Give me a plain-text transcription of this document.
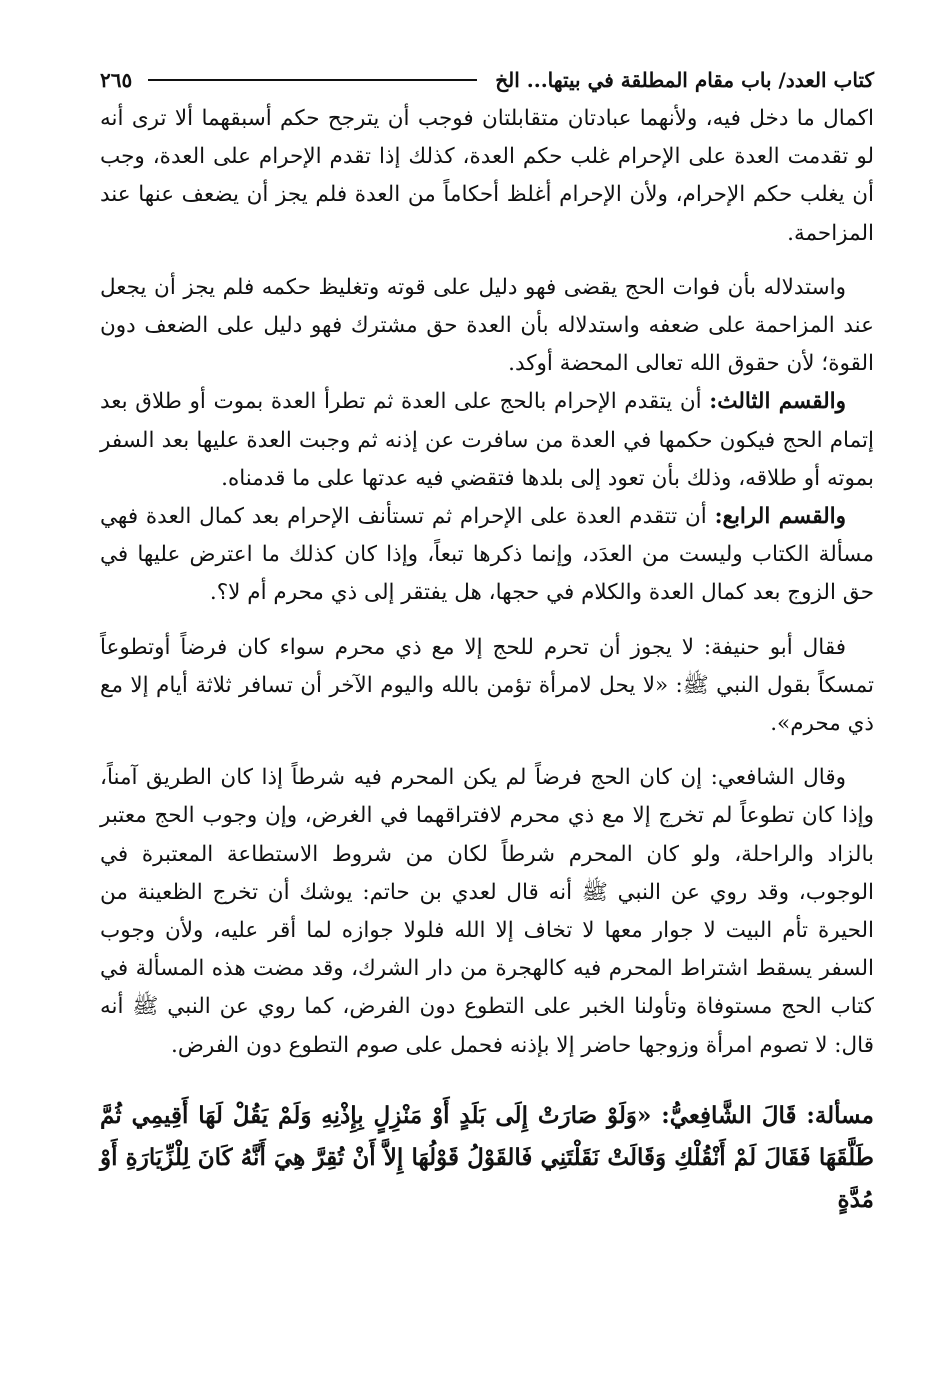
كتاب العدد/ باب مقام المطلقة في بيتها... الخ
٢٦٥

اكمال ما دخل فيه، ولأنهما عبادتان متقابلتان فوجب أن يترجح حكم أسبقهما ألا ترى أنه لو تقدمت العدة على الإحرام غلب حكم العدة، كذلك إذا تقدم الإحرام على العدة، وجب أن يغلب حكم الإحرام، ولأن الإحرام أغلظ أحكاماً من العدة فلم يجز أن يضعف عنها عند المزاحمة.

واستدلاله بأن فوات الحج يقضى فهو دليل على قوته وتغليظ حكمه فلم يجز أن يجعل عند المزاحمة على ضعفه واستدلاله بأن العدة حق مشترك فهو دليل على الضعف دون القوة؛ لأن حقوق الله تعالى المحضة أوكد.

والقسم الثالث: أن يتقدم الإحرام بالحج على العدة ثم تطرأ العدة بموت أو طلاق بعد إتمام الحج فيكون حكمها في العدة من سافرت عن إذنه ثم وجبت العدة عليها بعد السفر بموته أو طلاقه، وذلك بأن تعود إلى بلدها فتقضي فيه عدتها على ما قدمناه.

والقسم الرابع: أن تتقدم العدة على الإحرام ثم تستأنف الإحرام بعد كمال العدة فهي مسألة الكتاب وليست من العدَد، وإنما ذكرها تبعاً، وإذا كان كذلك ما اعترض عليها في حق الزوج بعد كمال العدة والكلام في حجها، هل يفتقر إلى ذي محرم أم لا؟.

فقال أبو حنيفة: لا يجوز أن تحرم للحج إلا مع ذي محرم سواء كان فرضاً أوتطوعاً تمسكاً بقول النبي ﷺ: «لا يحل لامرأة تؤمن بالله واليوم الآخر أن تسافر ثلاثة أيام إلا مع ذي محرم».

وقال الشافعي: إن كان الحج فرضاً لم يكن المحرم فيه شرطاً إذا كان الطريق آمناً، وإذا كان تطوعاً لم تخرج إلا مع ذي محرم لافتراقهما في الغرض، وإن وجوب الحج معتبر بالزاد والراحلة، ولو كان المحرم شرطاً لكان من شروط الاستطاعة المعتبرة في الوجوب، وقد روي عن النبي ﷺ أنه قال لعدي بن حاتم: يوشك أن تخرج الظعينة من الحيرة تأم البيت لا جوار معها لا تخاف إلا الله فلولا جوازه لما أقر عليه، ولأن وجوب السفر يسقط اشتراط المحرم فيه كالهجرة من دار الشرك، وقد مضت هذه المسألة في كتاب الحج مستوفاة وتأولنا الخبر على التطوع دون الفرض، كما روي عن النبي ﷺ أنه قال: لا تصوم امرأة وزوجها حاضر إلا بإذنه فحمل على صوم التطوع دون الفرض.

مسألة: قَالَ الشَّافِعيُّ: «وَلَوْ صَارَتْ إِلَى بَلَدٍ أَوْ مَنْزِلٍ بِإِذْنِهِ وَلَمْ يَقُلْ لَهَا أَقِيمِي ثُمَّ طَلَّقَهَا فَقَالَ لَمْ أَنْقُلْكِ وَقَالَتْ نَقَلْتَنِي فَالقَوْلُ قَوْلُهَا إِلاَّ أَنْ تُقِرَّ هِيَ أَنَّهُ كَانَ لِلْزِّيَارَةِ أَوْ مُدَّةٍ
